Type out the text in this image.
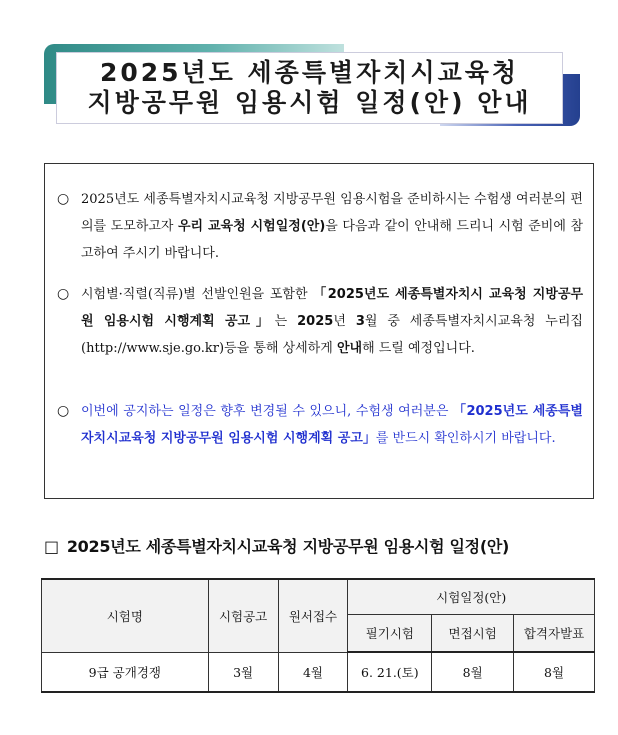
2025년도 세종특별자치시교육청
지방공무원 임용시험 일정(안) 안내
○ 2025년도 세종특별자치시교육청 지방공무원 임용시험을 준비하시는 수험생 여러분의 편의를 도모하고자 우리 교육청 시험일정(안)을 다음과 같이 안내해 드리니 시험 준비에 참고하여 주시기 바랍니다.
○ 시험별·직렬(직류)별 선발인원을 포함한 「2025년도 세종특별자치시 교육청 지방공무원 임용시험 시행계획 공고」는 2025년 3월 중 세종특별자치시교육청 누리집(http://www.sje.go.kr)등을 통해 상세하게 안내해 드릴 예정입니다.
○ 이번에 공지하는 일정은 향후 변경될 수 있으니, 수험생 여러분은 「2025년도 세종특별자치시교육청 지방공무원 임용시험 시행계획 공고」를 반드시 확인하시기 바랍니다.
□ 2025년도 세종특별자치시교육청 지방공무원 임용시험 일정(안)
시험명	시험공고	원서접수	시험일정(안)		
			필기시험	면접시험	합격자발표
9급 공개경쟁	3월	4월	6. 21.(토)	8월	8월
